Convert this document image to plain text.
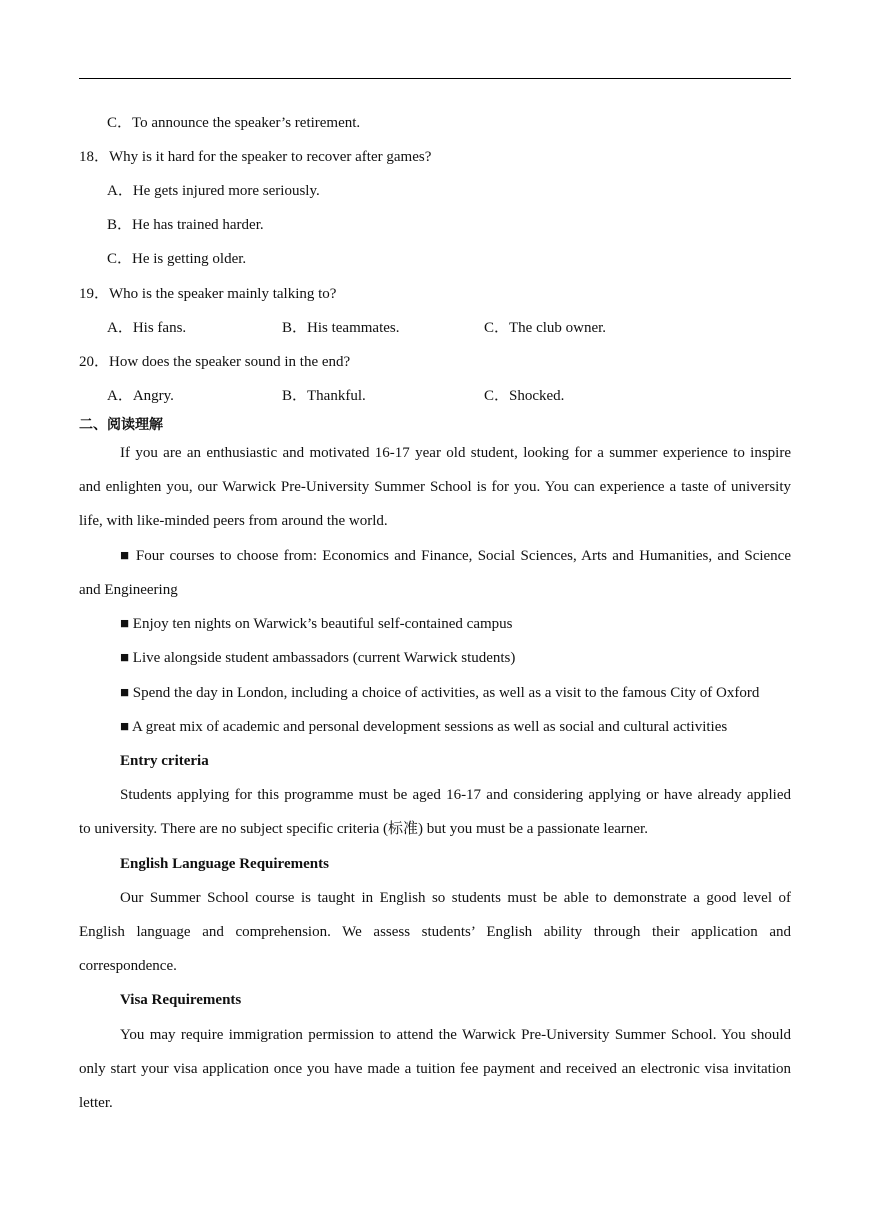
C．To announce the speaker’s retirement.
18．Why is it hard for the speaker to recover after games?
A．He gets injured more seriously.
B．He has trained harder.
C．He is getting older.
19．Who is the speaker mainly talking to?
A．His fans.	B．His teammates.	C．The club owner.
20．How does the speaker sound in the end?
A．Angry.	B．Thankful.	C．Shocked.
二、阅读理解
If you are an enthusiastic and motivated 16-17 year old student, looking for a summer experience to inspire
and enlighten you, our Warwick Pre-University Summer School is for you. You can experience a taste of university
life, with like-minded peers from around the world.
■ Four courses to choose from: Economics and Finance, Social Sciences, Arts and Humanities, and Science
and Engineering
■ Enjoy ten nights on Warwick’s beautiful self-contained campus
■ Live alongside student ambassadors (current Warwick students)
■ Spend the day in London, including a choice of activities, as well as a visit to the famous City of Oxford
■ A great mix of academic and personal development sessions as well as social and cultural activities
Entry criteria
Students applying for this programme must be aged 16-17 and considering applying or have already applied
to university. There are no subject specific criteria (标准) but you must be a passionate learner.
English Language Requirements
Our Summer School course is taught in English so students must be able to demonstrate a good level of
English language and comprehension. We assess students’ English ability through their application and
correspondence.
Visa Requirements
You may require immigration permission to attend the Warwick Pre-University Summer School. You should
only start your visa application once you have made a tuition fee payment and received an electronic visa invitation
letter.
